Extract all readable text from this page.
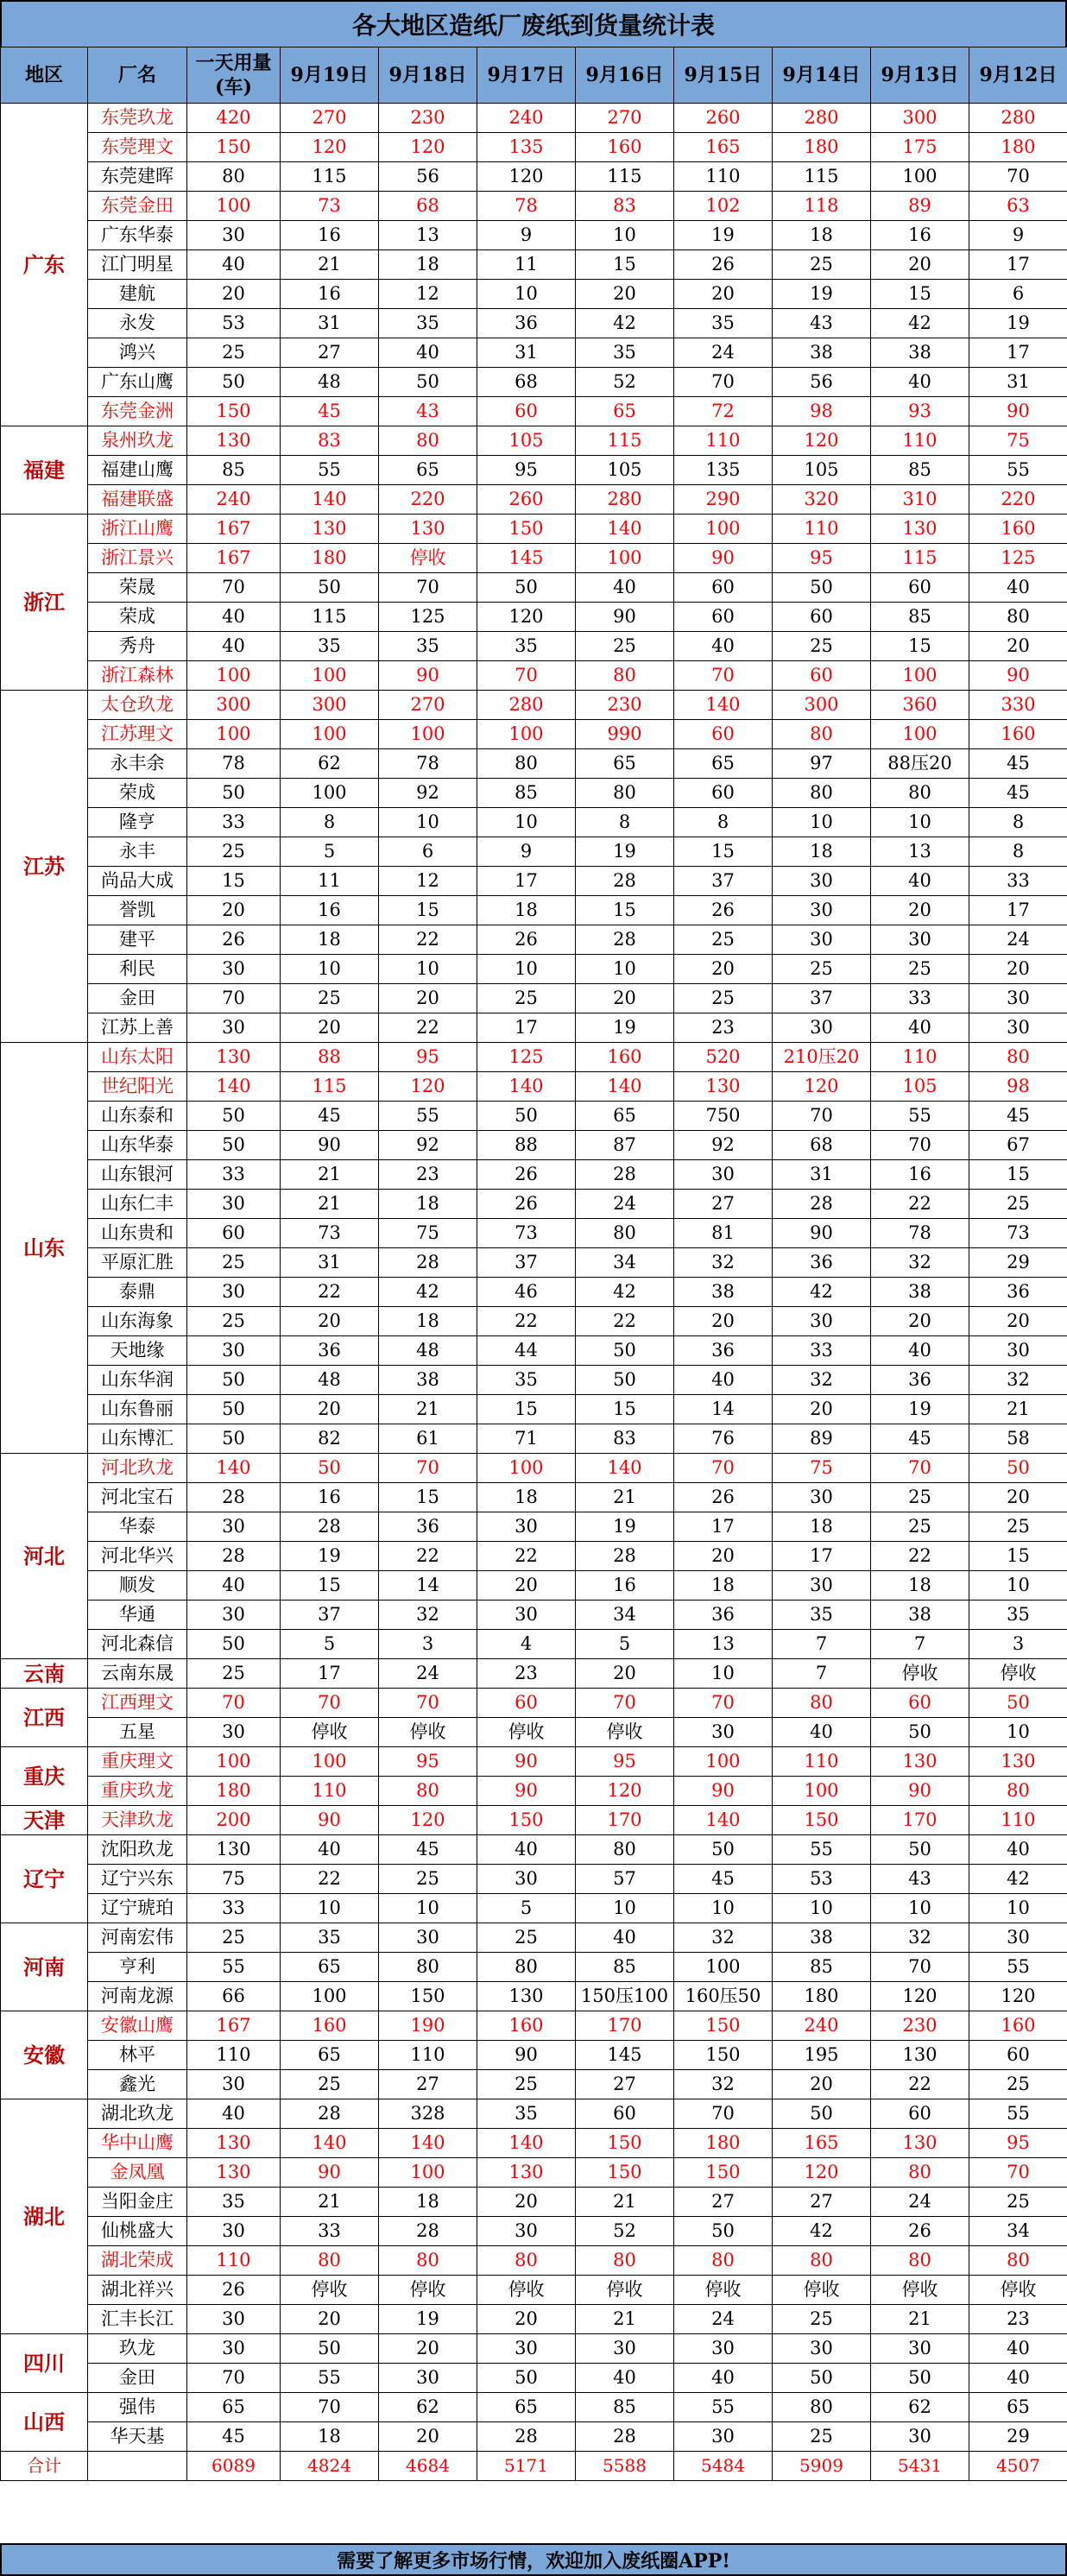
各大地区造纸厂废纸到货量统计表
地区	厂名	一天用量(车)	9月19日	9月18日	9月17日	9月16日	9月15日	9月14日	9月13日	9月12日
广东	东莞玖龙	420	270	230	240	270	260	280	300	280
	东莞理文	150	120	120	135	160	165	180	175	180
	东莞建晖	80	115	56	120	115	110	115	100	70
	东莞金田	100	73	68	78	83	102	118	89	63
	广东华泰	30	16	13	9	10	19	18	16	9
	江门明星	40	21	18	11	15	26	25	20	17
	建航	20	16	12	10	20	20	19	15	6
	永发	53	31	35	36	42	35	43	42	19
	鸿兴	25	27	40	31	35	24	38	38	17
	广东山鹰	50	48	50	68	52	70	56	40	31
	东莞金洲	150	45	43	60	65	72	98	93	90
福建	泉州玖龙	130	83	80	105	115	110	120	110	75
	福建山鹰	85	55	65	95	105	135	105	85	55
	福建联盛	240	140	220	260	280	290	320	310	220
浙江	浙江山鹰	167	130	130	150	140	100	110	130	160
	浙江景兴	167	180	停收	145	100	90	95	115	125
	荣晟	70	50	70	50	40	60	50	60	40
	荣成	40	115	125	120	90	60	60	85	80
	秀舟	40	35	35	35	25	40	25	15	20
	浙江森林	100	100	90	70	80	70	60	100	90
江苏	太仓玖龙	300	300	270	280	230	140	300	360	330
	江苏理文	100	100	100	100	990	60	80	100	160
	永丰余	78	62	78	80	65	65	97	88压20	45
	荣成	50	100	92	85	80	60	80	80	45
	隆亨	33	8	10	10	8	8	10	10	8
	永丰	25	5	6	9	19	15	18	13	8
	尚品大成	15	11	12	17	28	37	30	40	33
	誉凯	20	16	15	18	15	26	30	20	17
	建平	26	18	22	26	28	25	30	30	24
	利民	30	10	10	10	10	20	25	25	20
	金田	70	25	20	25	20	25	37	33	30
	江苏上善	30	20	22	17	19	23	30	40	30
山东	山东太阳	130	88	95	125	160	520	210压20	110	80
	世纪阳光	140	115	120	140	140	130	120	105	98
	山东泰和	50	45	55	50	65	750	70	55	45
	山东华泰	50	90	92	88	87	92	68	70	67
	山东银河	33	21	23	26	28	30	31	16	15
	山东仁丰	30	21	18	26	24	27	28	22	25
	山东贵和	60	73	75	73	80	81	90	78	73
	平原汇胜	25	31	28	37	34	32	36	32	29
	泰鼎	30	22	42	46	42	38	42	38	36
	山东海象	25	20	18	22	22	20	30	20	20
	天地缘	30	36	48	44	50	36	33	40	30
	山东华润	50	48	38	35	50	40	32	36	32
	山东鲁丽	50	20	21	15	15	14	20	19	21
	山东博汇	50	82	61	71	83	76	89	45	58
河北	河北玖龙	140	50	70	100	140	70	75	70	50
	河北宝石	28	16	15	18	21	26	30	25	20
	华泰	30	28	36	30	19	17	18	25	25
	河北华兴	28	19	22	22	28	20	17	22	15
	顺发	40	15	14	20	16	18	30	18	10
	华通	30	37	32	30	34	36	35	38	35
	河北森信	50	5	3	4	5	13	7	7	3
云南	云南东晟	25	17	24	23	20	10	7	停收	停收
江西	江西理文	70	70	70	60	70	70	80	60	50
	五星	30	停收	停收	停收	停收	30	40	50	10
重庆	重庆理文	100	100	95	90	95	100	110	130	130
	重庆玖龙	180	110	80	90	120	90	100	90	80
天津	天津玖龙	200	90	120	150	170	140	150	170	110
辽宁	沈阳玖龙	130	40	45	40	80	50	55	50	40
	辽宁兴东	75	22	25	30	57	45	53	43	42
	辽宁琥珀	33	10	10	5	10	10	10	10	10
河南	河南宏伟	25	35	30	25	40	32	38	32	30
	亨利	55	65	80	80	85	100	85	70	55
	河南龙源	66	100	150	130	150压100	160压50	180	120	120
安徽	安徽山鹰	167	160	190	160	170	150	240	230	160
	林平	110	65	110	90	145	150	195	130	60
	鑫光	30	25	27	25	27	32	20	22	25
湖北	湖北玖龙	40	28	328	35	60	70	50	60	55
	华中山鹰	130	140	140	140	150	180	165	130	95
	金凤凰	130	90	100	130	150	150	120	80	70
	当阳金庄	35	21	18	20	21	27	27	24	25
	仙桃盛大	30	33	28	30	52	50	42	26	34
	湖北荣成	110	80	80	80	80	80	80	80	80
	湖北祥兴	26	停收	停收	停收	停收	停收	停收	停收	停收
	汇丰长江	30	20	19	20	21	24	25	21	23
四川	玖龙	30	50	20	30	30	30	30	30	40
	金田	70	55	30	50	40	40	50	50	40
山西	强伟	65	70	62	65	85	55	80	62	65
	华天基	45	18	20	28	28	30	25	30	29
合计		6089	4824	4684	5171	5588	5484	5909	5431	4507
需要了解更多市场行情，欢迎加入废纸圈APP!
